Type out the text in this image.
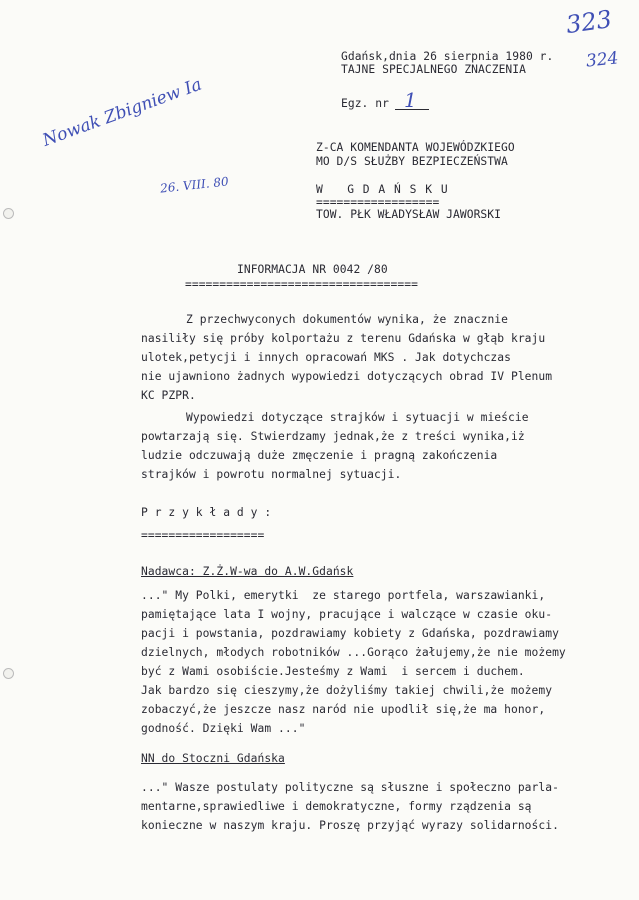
323
324
Nowak Zbigniew Ia
26. VIII. 80
Gdańsk,dnia 26 sierpnia 1980 r.
TAJNE SPECJALNEGO ZNACZENIA
Egz. nr 1
Z-CA KOMENDANTA WOJEWÓDZKIEGO
MO D/S SŁUŻBY BEZPIECZEŃSTWA
W   G D A Ń S K U
==================
TOW. PŁK WŁADYSŁAW JAWORSKI
INFORMACJA NR 0042 /80
==================================
Z przechwyconych dokumentów wynika, że znacznie
nasiliły się próby kolportażu z terenu Gdańska w głąb kraju
ulotek,petycji i innych opracowań MKS . Jak dotychczas
nie ujawniono żadnych wypowiedzi dotyczących obrad IV Plenum
KC PZPR.
Wypowiedzi dotyczące strajków i sytuacji w mieście
powtarzają się. Stwierdzamy jednak,że z treści wynika,iż
ludzie odczuwają duże zmęczenie i pragną zakończenia
strajków i powrotu normalnej sytuacji.
P r z y k ł a d y :
==================
Nadawca: Z.Ż.W-wa do A.W.Gdańsk
..." My Polki, emerytki  ze starego portfela, warszawianki,
pamiętające lata I wojny, pracujące i walczące w czasie oku-
pacji i powstania, pozdrawiamy kobiety z Gdańska, pozdrawiamy
dzielnych, młodych robotników ...Gorąco żałujemy,że nie możemy
być z Wami osobiście.Jesteśmy z Wami  i sercem i duchem.
Jak bardzo się cieszymy,że dożyliśmy takiej chwili,że możemy
zobaczyć,że jeszcze nasz naród nie upodlił się,że ma honor,
godność. Dzięki Wam ..."
NN do Stoczni Gdańska
..." Wasze postulaty polityczne są słuszne i społeczno parla-
mentarne,sprawiedliwe i demokratyczne, formy rządzenia są
konieczne w naszym kraju. Proszę przyjąć wyrazy solidarności.
